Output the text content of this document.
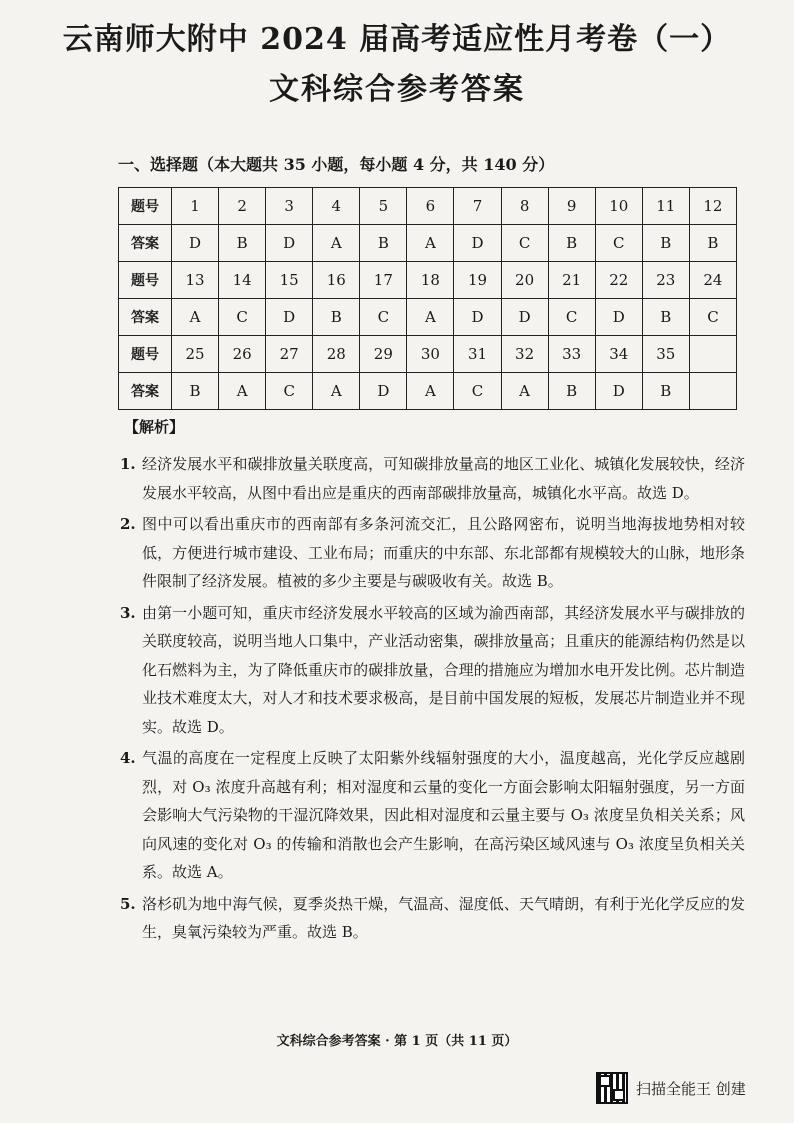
云南师大附中 2024 届高考适应性月考卷（一）
文科综合参考答案
一、选择题（本大题共 35 小题，每小题 4 分，共 140 分）
题号	1	2	3	4	5	6	7	8	9	10	11	12
答案	D	B	D	A	B	A	D	C	B	C	B	B
题号	13	14	15	16	17	18	19	20	21	22	23	24
答案	A	C	D	B	C	A	D	D	C	D	B	C
题号	25	26	27	28	29	30	31	32	33	34	35	
答案	B	A	C	A	D	A	C	A	B	D	B	
【解析】
1. 经济发展水平和碳排放量关联度高，可知碳排放量高的地区工业化、城镇化发展较快，经济发展水平较高，从图中看出应是重庆的西南部碳排放量高，城镇化水平高。故选 D。
2. 图中可以看出重庆市的西南部有多条河流交汇，且公路网密布，说明当地海拔地势相对较低，方便进行城市建设、工业布局；而重庆的中东部、东北部都有规模较大的山脉，地形条件限制了经济发展。植被的多少主要是与碳吸收有关。故选 B。
3. 由第一小题可知，重庆市经济发展水平较高的区域为渝西南部，其经济发展水平与碳排放的关联度较高，说明当地人口集中，产业活动密集，碳排放量高；且重庆的能源结构仍然是以化石燃料为主，为了降低重庆市的碳排放量，合理的措施应为增加水电开发比例。芯片制造业技术难度太大，对人才和技术要求极高，是目前中国发展的短板，发展芯片制造业并不现实。故选 D。
4. 气温的高度在一定程度上反映了太阳紫外线辐射强度的大小，温度越高，光化学反应越剧烈，对 O₃ 浓度升高越有利；相对湿度和云量的变化一方面会影响太阳辐射强度，另一方面会影响大气污染物的干湿沉降效果，因此相对湿度和云量主要与 O₃ 浓度呈负相关关系；风向风速的变化对 O₃ 的传输和消散也会产生影响，在高污染区域风速与 O₃ 浓度呈负相关关系。故选 A。
5. 洛杉矶为地中海气候，夏季炎热干燥，气温高、湿度低、天气晴朗，有利于光化学反应的发生，臭氧污染较为严重。故选 B。
文科综合参考答案 · 第 1 页（共 11 页）
扫描全能王 创建
